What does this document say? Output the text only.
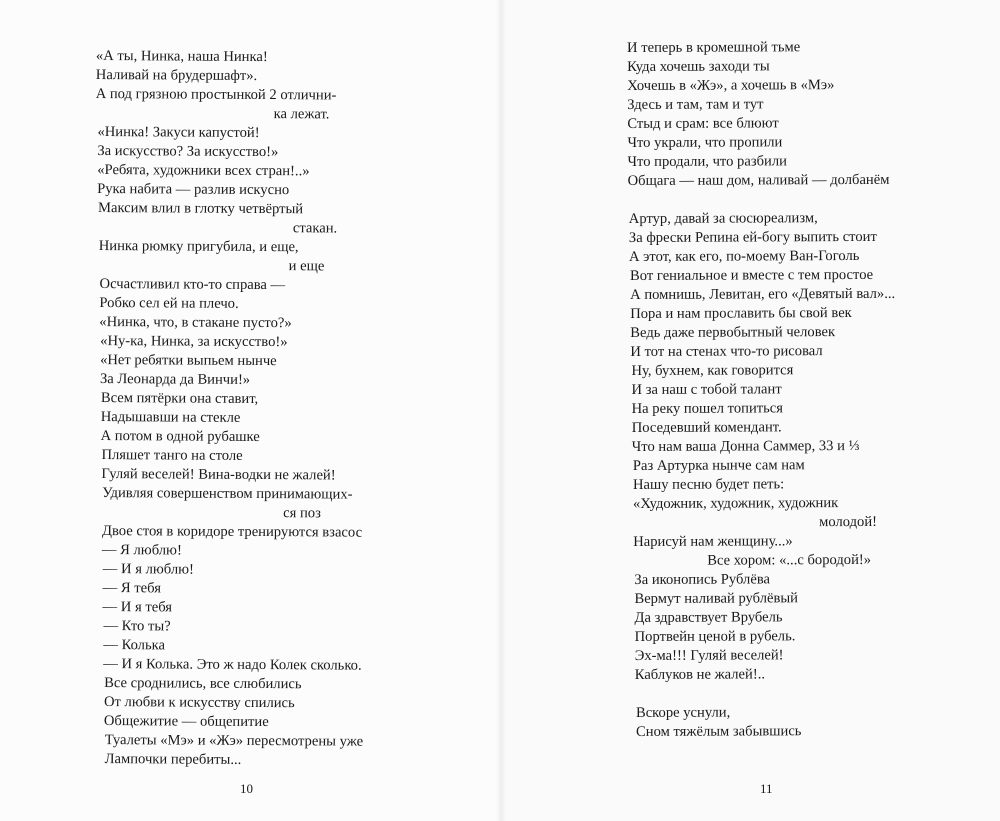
«А ты, Нинка, наша Нинка!
Наливай на брудершафт».
А под грязною простынкой 2 отлични-
ка лежат.
«Нинка! Закуси капустой!
За искусство? За искусство!»
«Ребята, художники всех стран!..»
Рука набита — разлив искусно
Максим влил в глотку четвёртый
стакан.
Нинка рюмку пригубила, и еще,
и еще
Осчастливил кто-то справа —
Робко сел ей на плечо.
«Нинка, что, в стакане пусто?»
«Ну-ка, Нинка, за искусство!»
«Нет ребятки выпьем нынче
За Леонарда да Винчи!»
Всем пятёрки она ставит,
Надышавши на стекле
А потом в одной рубашке
Пляшет танго на столе
Гуляй веселей! Вина-водки не жалей!
Удивляя совершенством принимающих-
ся поз
Двое стоя в коридоре тренируются взасос
— Я люблю!
— И я люблю!
— Я тебя
— И я тебя
— Кто ты?
— Колька
— И я Колька. Это ж надо Колек сколько.
Все сроднились, все слюбились
От любви к искусству спились
Общежитие — общепитие
Туалеты «Мэ» и «Жэ» пересмотрены уже
Лампочки перебиты...
10
И теперь в кромешной тьме
Куда хочешь заходи ты
Хочешь в «Жэ», а хочешь в «Мэ»
Здесь и там, там и тут
Стыд и срам: все блюют
Что украли, что пропили
Что продали, что разбили
Общага — наш дом, наливай — долбанём
Артур, давай за сюсюреализм,
За фрески Репина ей-богу выпить стоит
А этот, как его, по-моему Ван-Гоголь
Вот гениальное и вместе с тем простое
А помнишь, Левитан, его «Девятый вал»...
Пора и нам прославить бы свой век
Ведь даже первобытный человек
И тот на стенах что-то рисовал
Ну, бухнем, как говорится
И за наш с тобой талант
На реку пошел топиться
Поседевший комендант.
Что нам ваша Донна Саммер, 33 и ⅓
Раз Артурка нынче сам нам
Нашу песню будет петь:
«Художник, художник, художник
молодой!
Нарисуй нам женщину...»
Все хором: «...с бородой!»
За иконопись Рублёва
Вермут наливай рублёвый
Да здравствует Врубель
Портвейн ценой в рубель.
Эх-ма!!! Гуляй веселей!
Каблуков не жалей!..
Вскоре уснули,
Сном тяжёлым забывшись
11
